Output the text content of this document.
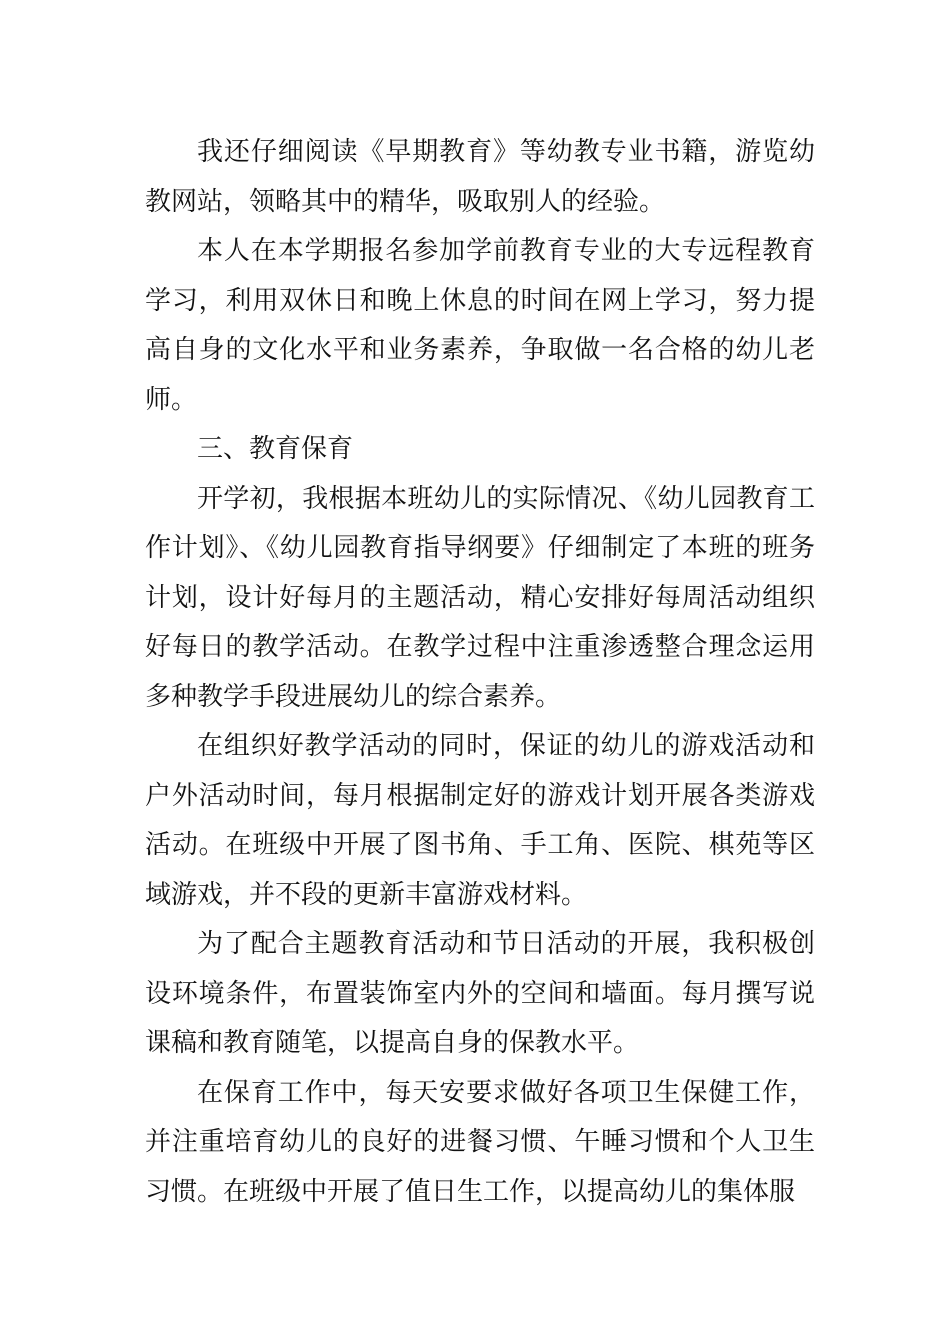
我还仔细阅读《早期教育》等幼教专业书籍，游览幼教网站，领略其中的精华，吸取别人的经验。

本人在本学期报名参加学前教育专业的大专远程教育学习，利用双休日和晚上休息的时间在网上学习，努力提高自身的文化水平和业务素养，争取做一名合格的幼儿老师。

三、教育保育

开学初，我根据本班幼儿的实际情况、《幼儿园教育工作计划》、《幼儿园教育指导纲要》仔细制定了本班的班务计划，设计好每月的主题活动，精心安排好每周活动组织好每日的教学活动。在教学过程中注重渗透整合理念运用多种教学手段进展幼儿的综合素养。

在组织好教学活动的同时，保证的幼儿的游戏活动和户外活动时间，每月根据制定好的游戏计划开展各类游戏活动。在班级中开展了图书角、手工角、医院、棋苑等区域游戏，并不段的更新丰富游戏材料。

为了配合主题教育活动和节日活动的开展，我积极创设环境条件，布置装饰室内外的空间和墙面。每月撰写说课稿和教育随笔，以提高自身的保教水平。

在保育工作中，每天安要求做好各项卫生保健工作，并注重培育幼儿的良好的进餐习惯、午睡习惯和个人卫生习惯。在班级中开展了值日生工作，以提高幼儿的集体服
